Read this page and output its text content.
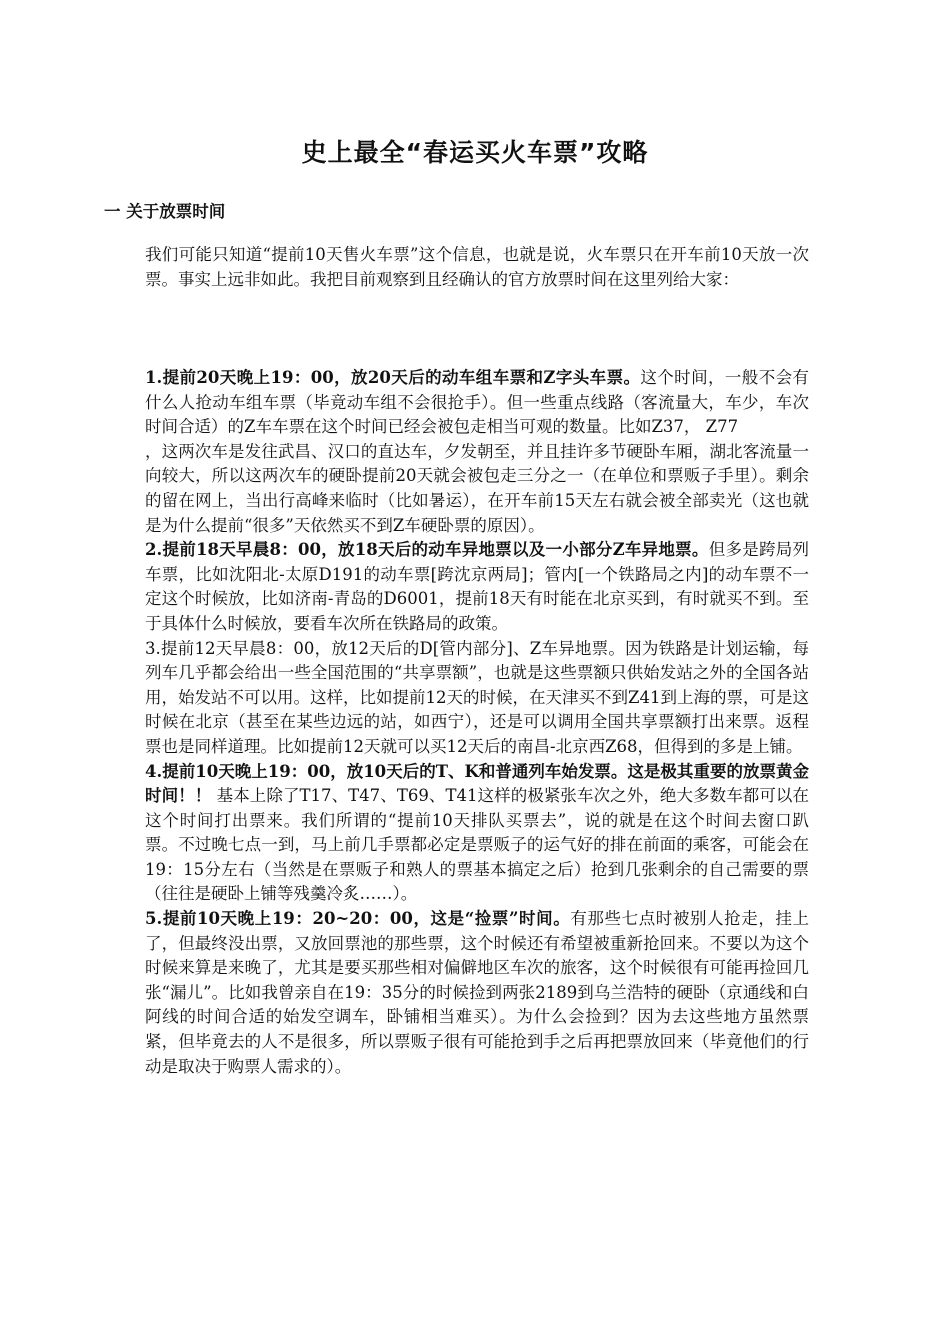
史上最全“春运买火车票”攻略
一 关于放票时间

我们可能只知道“提前10天售火车票”这个信息，也就是说，火车票只在开车前10天放一次票。事实上远非如此。我把目前观察到且经确认的官方放票时间在这里列给大家：

1.提前20天晚上19：00，放20天后的动车组车票和Z字头车票。这个时间，一般不会有什么人抢动车组车票（毕竟动车组不会很抢手）。但一些重点线路（客流量大，车少，车次时间合适）的Z车车票在这个时间已经会被包走相当可观的数量。比如Z37， Z77

，这两次车是发往武昌、汉口的直达车，夕发朝至，并且挂许多节硬卧车厢，湖北客流量一向较大，所以这两次车的硬卧提前20天就会被包走三分之一（在单位和票贩子手里）。剩余的留在网上，当出行高峰来临时（比如暑运），在开车前15天左右就会被全部卖光（这也就是为什么提前“很多”天依然买不到Z车硬卧票的原因）。

2.提前18天早晨8：00，放18天后的动车异地票以及一小部分Z车异地票。但多是跨局列车票，比如沈阳北-太原D191的动车票[跨沈京两局]；管内[一个铁路局之内]的动车票不一定这个时候放，比如济南-青岛的D6001，提前18天有时能在北京买到，有时就买不到。至于具体什么时候放，要看车次所在铁路局的政策。

3.提前12天早晨8：00，放12天后的D[管内部分]、Z车异地票。因为铁路是计划运输，每列车几乎都会给出一些全国范围的“共享票额”，也就是这些票额只供始发站之外的全国各站用，始发站不可以用。这样，比如提前12天的时候，在天津买不到Z41到上海的票，可是这时候在北京（甚至在某些边远的站，如西宁），还是可以调用全国共享票额打出来票。返程票也是同样道理。比如提前12天就可以买12天后的南昌-北京西Z68，但得到的多是上铺。

4.提前10天晚上19：00，放10天后的T、K和普通列车始发票。这是极其重要的放票黄金时间！！ 基本上除了T17、T47、T69、T41这样的极紧张车次之外，绝大多数车都可以在这个时间打出票来。我们所谓的“提前10天排队买票去”，说的就是在这个时间去窗口趴票。不过晚七点一到，马上前几手票都必定是票贩子的运气好的排在前面的乘客，可能会在19：15分左右（当然是在票贩子和熟人的票基本搞定之后）抢到几张剩余的自己需要的票（往往是硬卧上铺等残羹冷炙……）。

5.提前10天晚上19：20~20：00，这是“捡票”时间。有那些七点时被别人抢走，挂上了，但最终没出票，又放回票池的那些票，这个时候还有希望被重新抢回来。不要以为这个时候来算是来晚了，尤其是要买那些相对偏僻地区车次的旅客，这个时候很有可能再捡回几张“漏儿”。比如我曾亲自在19：35分的时候捡到两张2189到乌兰浩特的硬卧（京通线和白阿线的时间合适的始发空调车，卧铺相当难买）。为什么会捡到？因为去这些地方虽然票紧，但毕竟去的人不是很多，所以票贩子很有可能抢到手之后再把票放回来（毕竟他们的行动是取决于购票人需求的）。
